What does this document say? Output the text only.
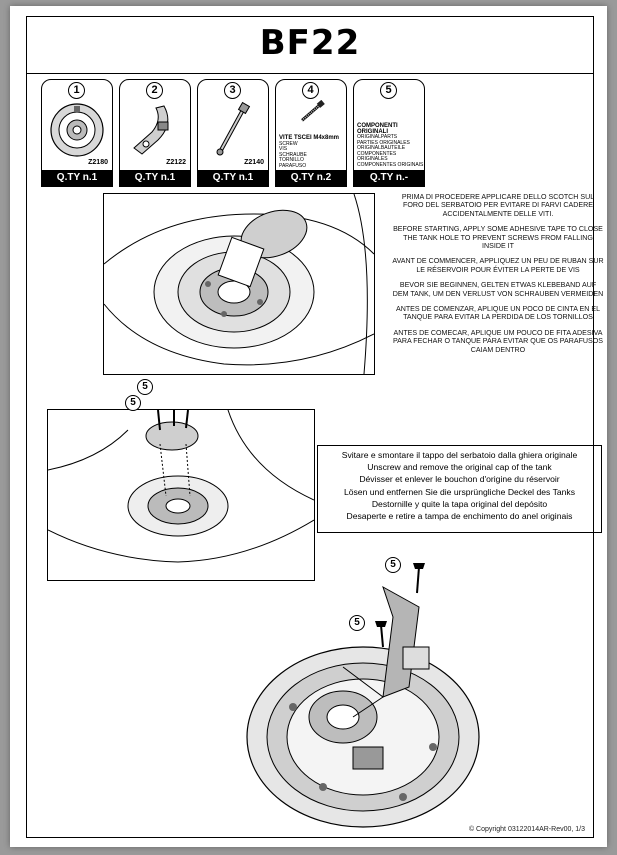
BF22
1
Z2180
Q.TY n.1
2
Z2122
Q.TY n.1
3
Z2140
Q.TY n.1
4
VITE TSCEI M4x8mm
SCREW
VIS
SCHRAUBE
TORNILLO
PARAFUSO
Q.TY n.2
5
COMPONENTI ORIGINALI
ORIGINALPARTS
PARTIES ORIGINALES
ORIGINALBAUTEILE
COMPONENTES ORIGINALES
COMPONENTES ORIGINAIS
Q.TY n.-

PRIMA DI PROCEDERE APPLICARE DELLO SCOTCH SUL FORO DEL SERBATOIO PER EVITARE DI FARVI CADERE ACCIDENTALMENTE DELLE VITI.

BEFORE STARTING, APPLY SOME ADHESIVE TAPE TO CLOSE THE TANK HOLE TO PREVENT SCREWS FROM FALLING INSIDE IT

AVANT DE COMMENCER, APPLIQUEZ UN PEU DE RUBAN SUR LE RÉSERVOIR POUR ÉVITER LA PERTE DE VIS

BEVOR SIE BEGINNEN, GELTEN ETWAS KLEBEBAND AUF DEM TANK, UM DEN VERLUST VON SCHRAUBEN VERMEIDEN

ANTES DE COMENZAR, APLIQUE UN POCO DE CINTA EN EL TANQUE PARA EVITAR LA PERDIDA DE LOS TORNILLOS

ANTES DE COMECAR, APLIQUE UM POUCO DE FITA ADESIVA PARA FECHAR O TANQUE PARA EVITAR QUE OS PARAFUSOS CAIAM DENTRO

5
5
Svitare e smontare il tappo del serbatoio dalla ghiera originale
Unscrew and remove the original cap of the tank
Dévisser et enlever le bouchon d'origine du réservoir
Lösen und entfernen Sie die ursprüngliche Deckel des Tanks
Destornille y quite la tapa original del depósito
Desaperte e retire a tampa de enchimento do anel originais
5
5
© Copyright 03122014AR-Rev00, 1/3
